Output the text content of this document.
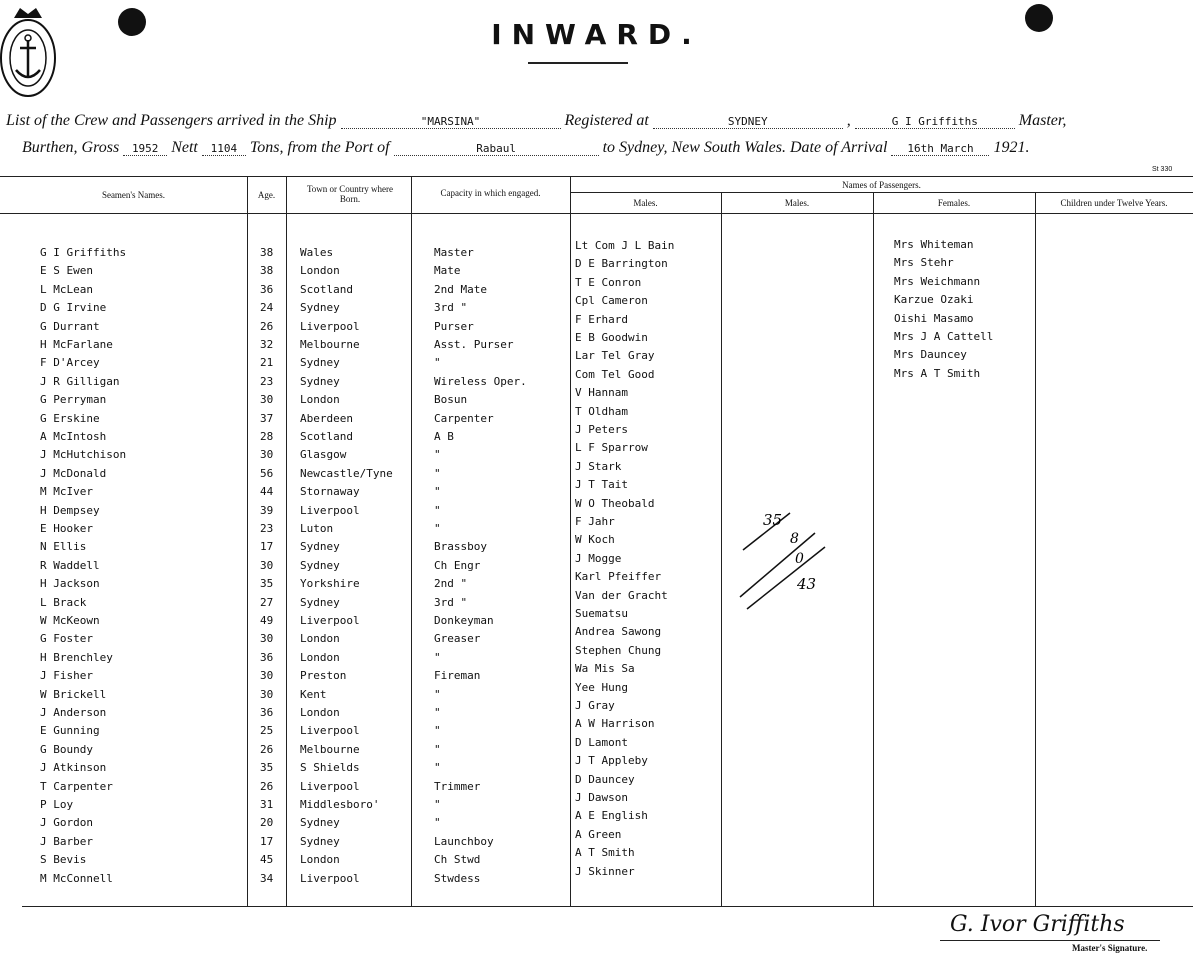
INWARD.
List of the Crew and Passengers arrived in the Ship	"MARSINA"	Registered at	SYDNEY	,	G I Griffiths	Master,
Burthen, Gross 1952 Nett 1104 Tons, from the Port of	Rabaul	to Sydney, New South Wales. Date of Arrival 16th March 1921.
St 330
Seamen's Names.	Age.
Town or Country where Born.
Capacity in which engaged.
Names of Passengers.
Males.	Males.	Females.	Children under Twelve Years.
G I Griffiths	38 Wales	Master
E S Ewen	38 London	Mate
L McLean	36 Scotland	2nd Mate
D G Irvine	24 Sydney	3rd "
G Durrant	26 Liverpool	Purser
H McFarlane	32 Melbourne	Asst. Purser
F D'Arcey	21 Sydney	"
J R Gilligan	23 Sydney	Wireless Oper.
G Perryman	30 London	Bosun
G Erskine	37 Aberdeen	Carpenter
A McIntosh	28 Scotland	A B
J McHutchison	30 Glasgow	"
J McDonald	56 Newcastle/Tyne	"
M McIver	44 Stornaway	"
H Dempsey	39 Liverpool	"
E Hooker	23 Luton	"
N Ellis	17 Sydney	Brassboy
R Waddell	30 Sydney	Ch Engr
H Jackson	35 Yorkshire	2nd "
L Brack	27 Sydney	3rd "
W McKeown	49 Liverpool	Donkeyman
G Foster	30 London	Greaser
H Brenchley	36 London	"
J Fisher	30 Preston	Fireman
W Brickell	30 Kent	"
J Anderson	36 London	"
E Gunning	25 Liverpool	"
G Boundy	26 Melbourne	"
J Atkinson	35 S Shields	"
T Carpenter	26 Liverpool	Trimmer
P Loy	31 Middlesboro'	"
J Gordon	20 Sydney	"
J Barber	17 Sydney	Launchboy
S Bevis	45 London	Ch Stwd
M McConnell	34 Liverpool	Stwdess
Lt Com J L Bain
D E Barrington
T E Conron
Cpl Cameron
F Erhard
E B Goodwin
Lar Tel Gray
Com Tel Good
V Hannam
T Oldham
J Peters
L F Sparrow
J Stark
J T Tait
W O Theobald
F Jahr
W Koch
J Mogge
Karl Pfeiffer
Van der Gracht
Suematsu
Andrea Sawong
Stephen Chung
Wa Mis Sa
Yee Hung
J Gray
A W Harrison
D Lamont
J T Appleby
D Dauncey
J Dawson
A E English
A Green
A T Smith
J Skinner
Mrs Whiteman
Mrs Stehr
Mrs Weichmann
Karzue Ozaki
Oishi Masamo
Mrs J A Cattell
Mrs Dauncey
Mrs A T Smith
35
8
0
43
G. Ivor Griffiths
Master's Signature.
